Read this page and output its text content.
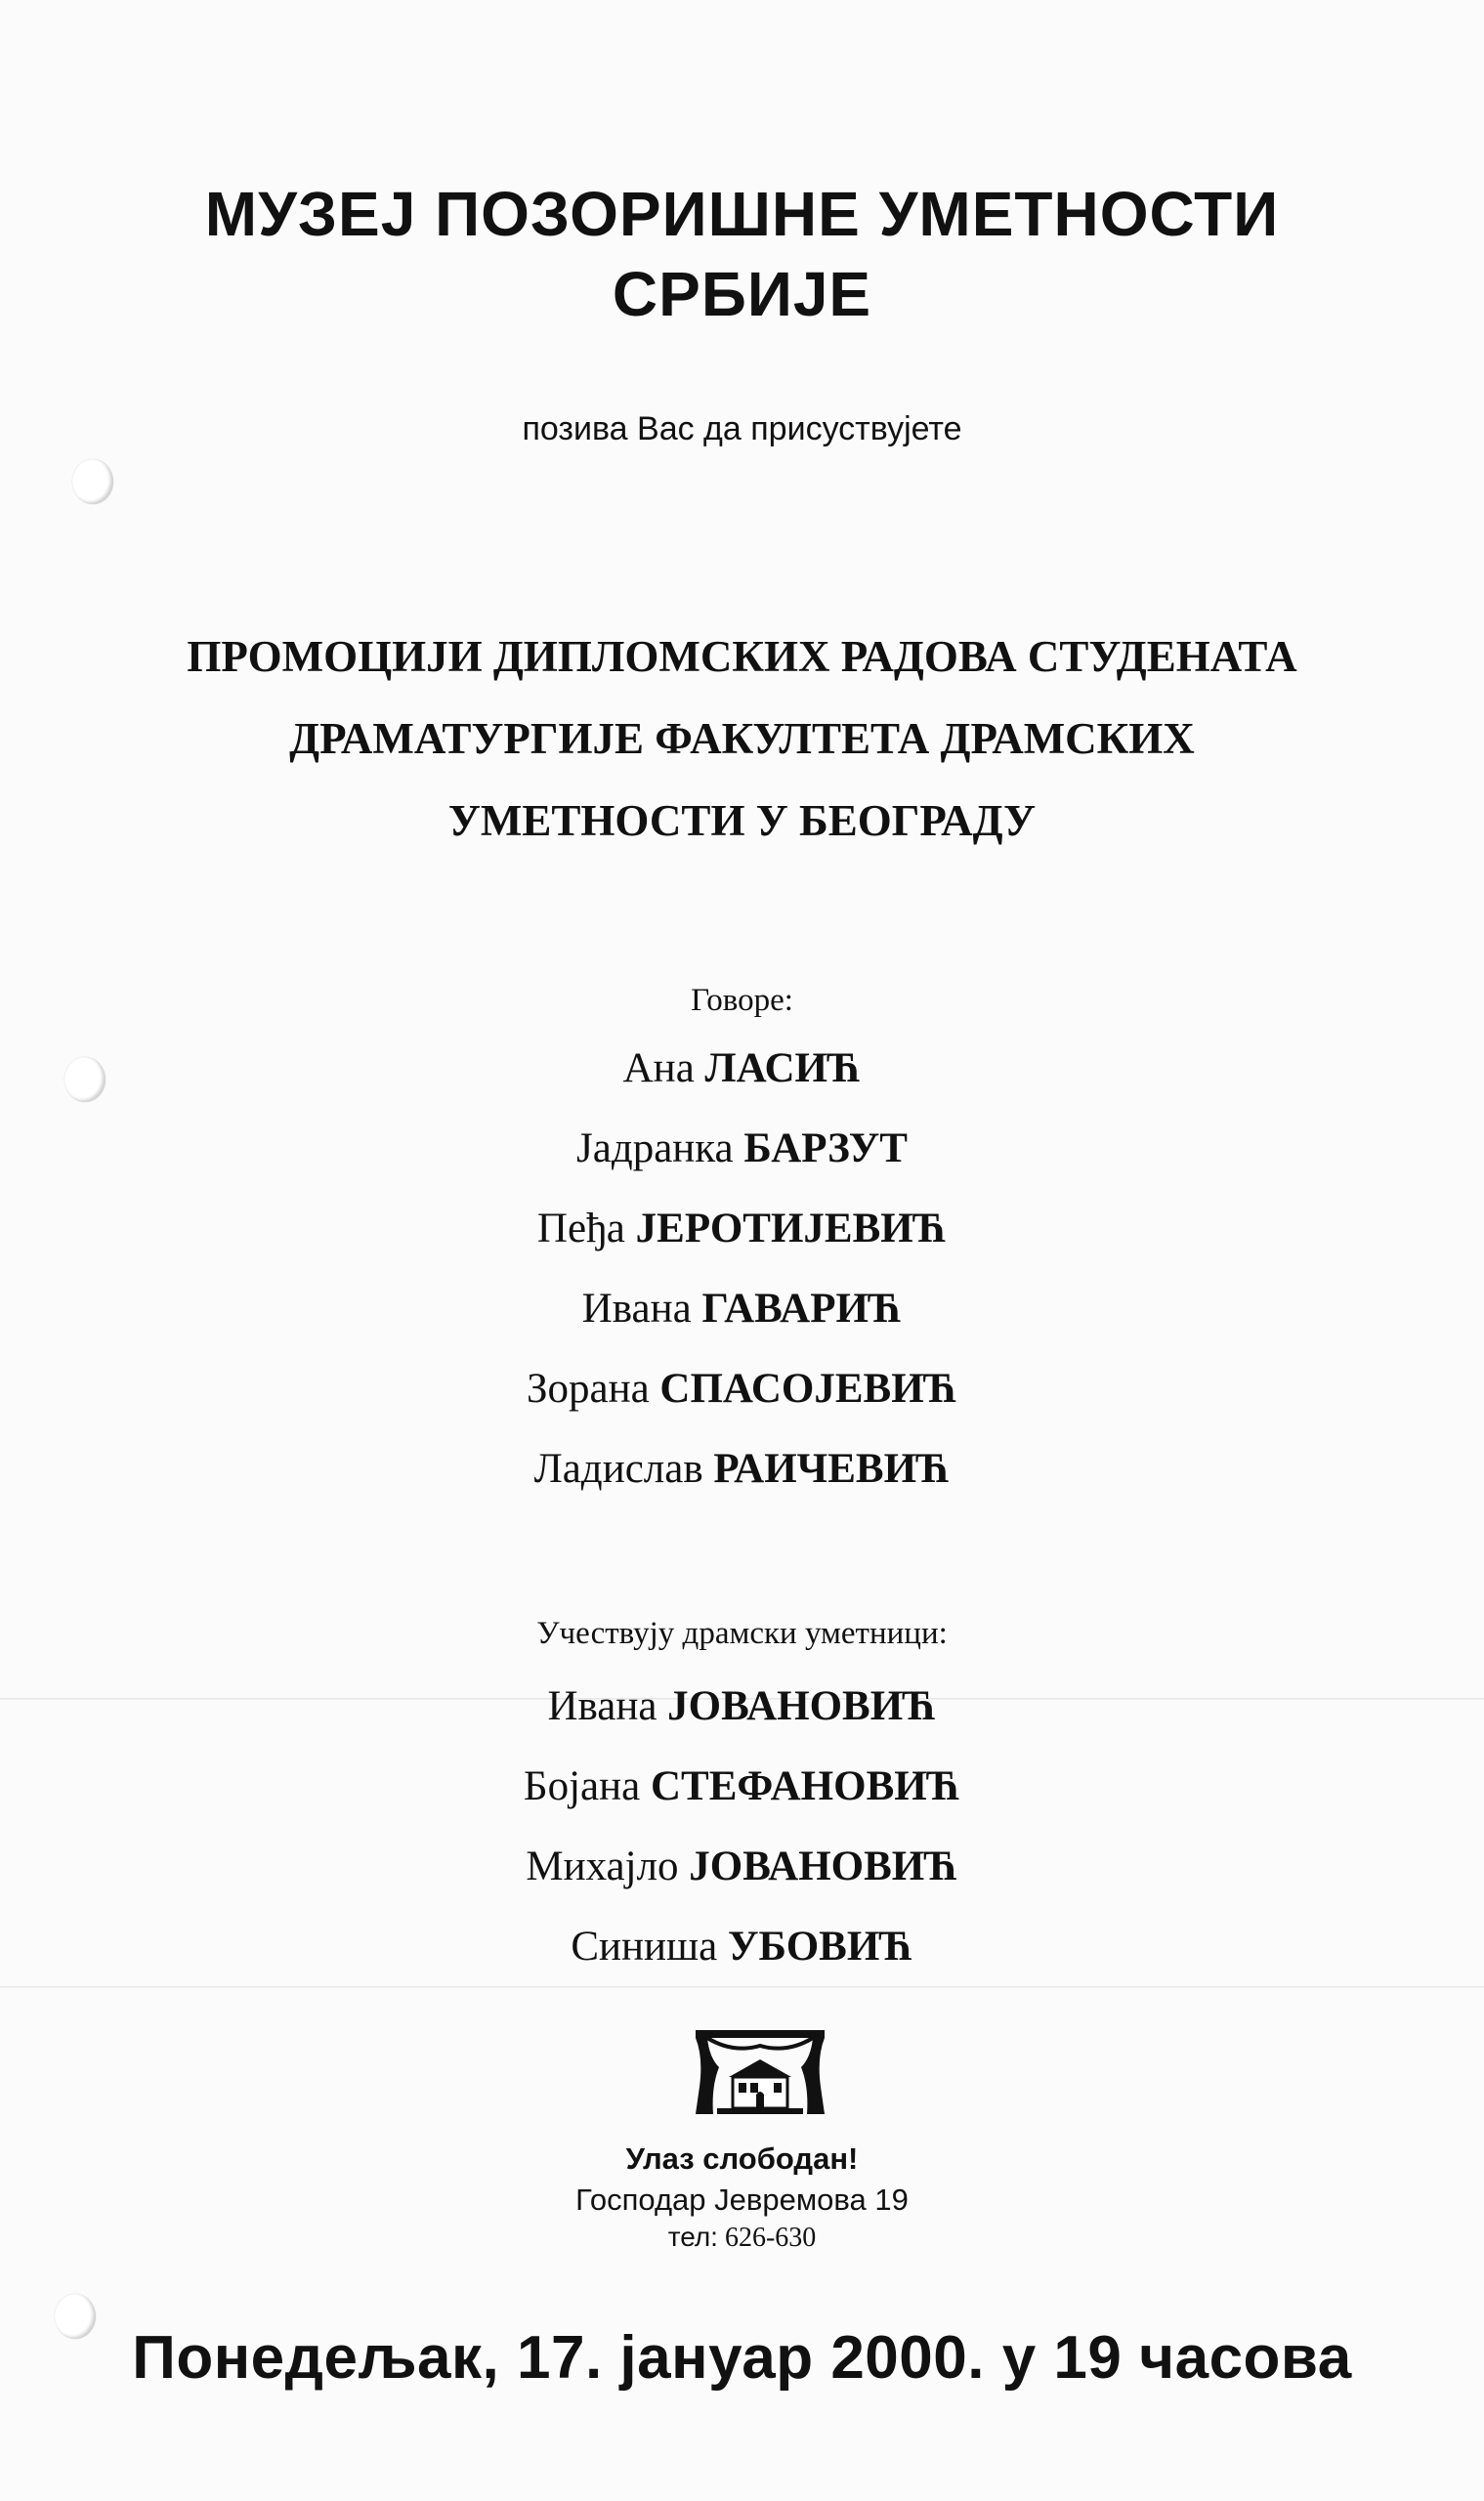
МУЗЕЈ ПОЗОРИШНЕ УМЕТНОСТИ
СРБИЈЕ
позива Вас да присуствујете
ПРОМОЦИЈИ ДИПЛОМСКИХ РАДОВА СТУДЕНАТА
ДРАМАТУРГИЈЕ ФАКУЛТЕТА ДРАМСКИХ
УМЕТНОСТИ У БЕОГРАДУ
Говоре:
Ана ЛАСИЋ
Јадранка БАРЗУТ
Пеђа ЈЕРОТИЈЕВИЋ
Ивана ГАВАРИЋ
Зорана СПАСОЈЕВИЋ
Ладислав РАИЧЕВИЋ
Учествују драмски уметници:
Ивана ЈОВАНОВИЋ
Бојана СТЕФАНОВИЋ
Михајло ЈОВАНОВИЋ
Синиша УБОВИЋ
Улаз слободан!
Господар Јевремова 19
тел: 626-630
Понедељак, 17. јануар 2000. у 19 часова
